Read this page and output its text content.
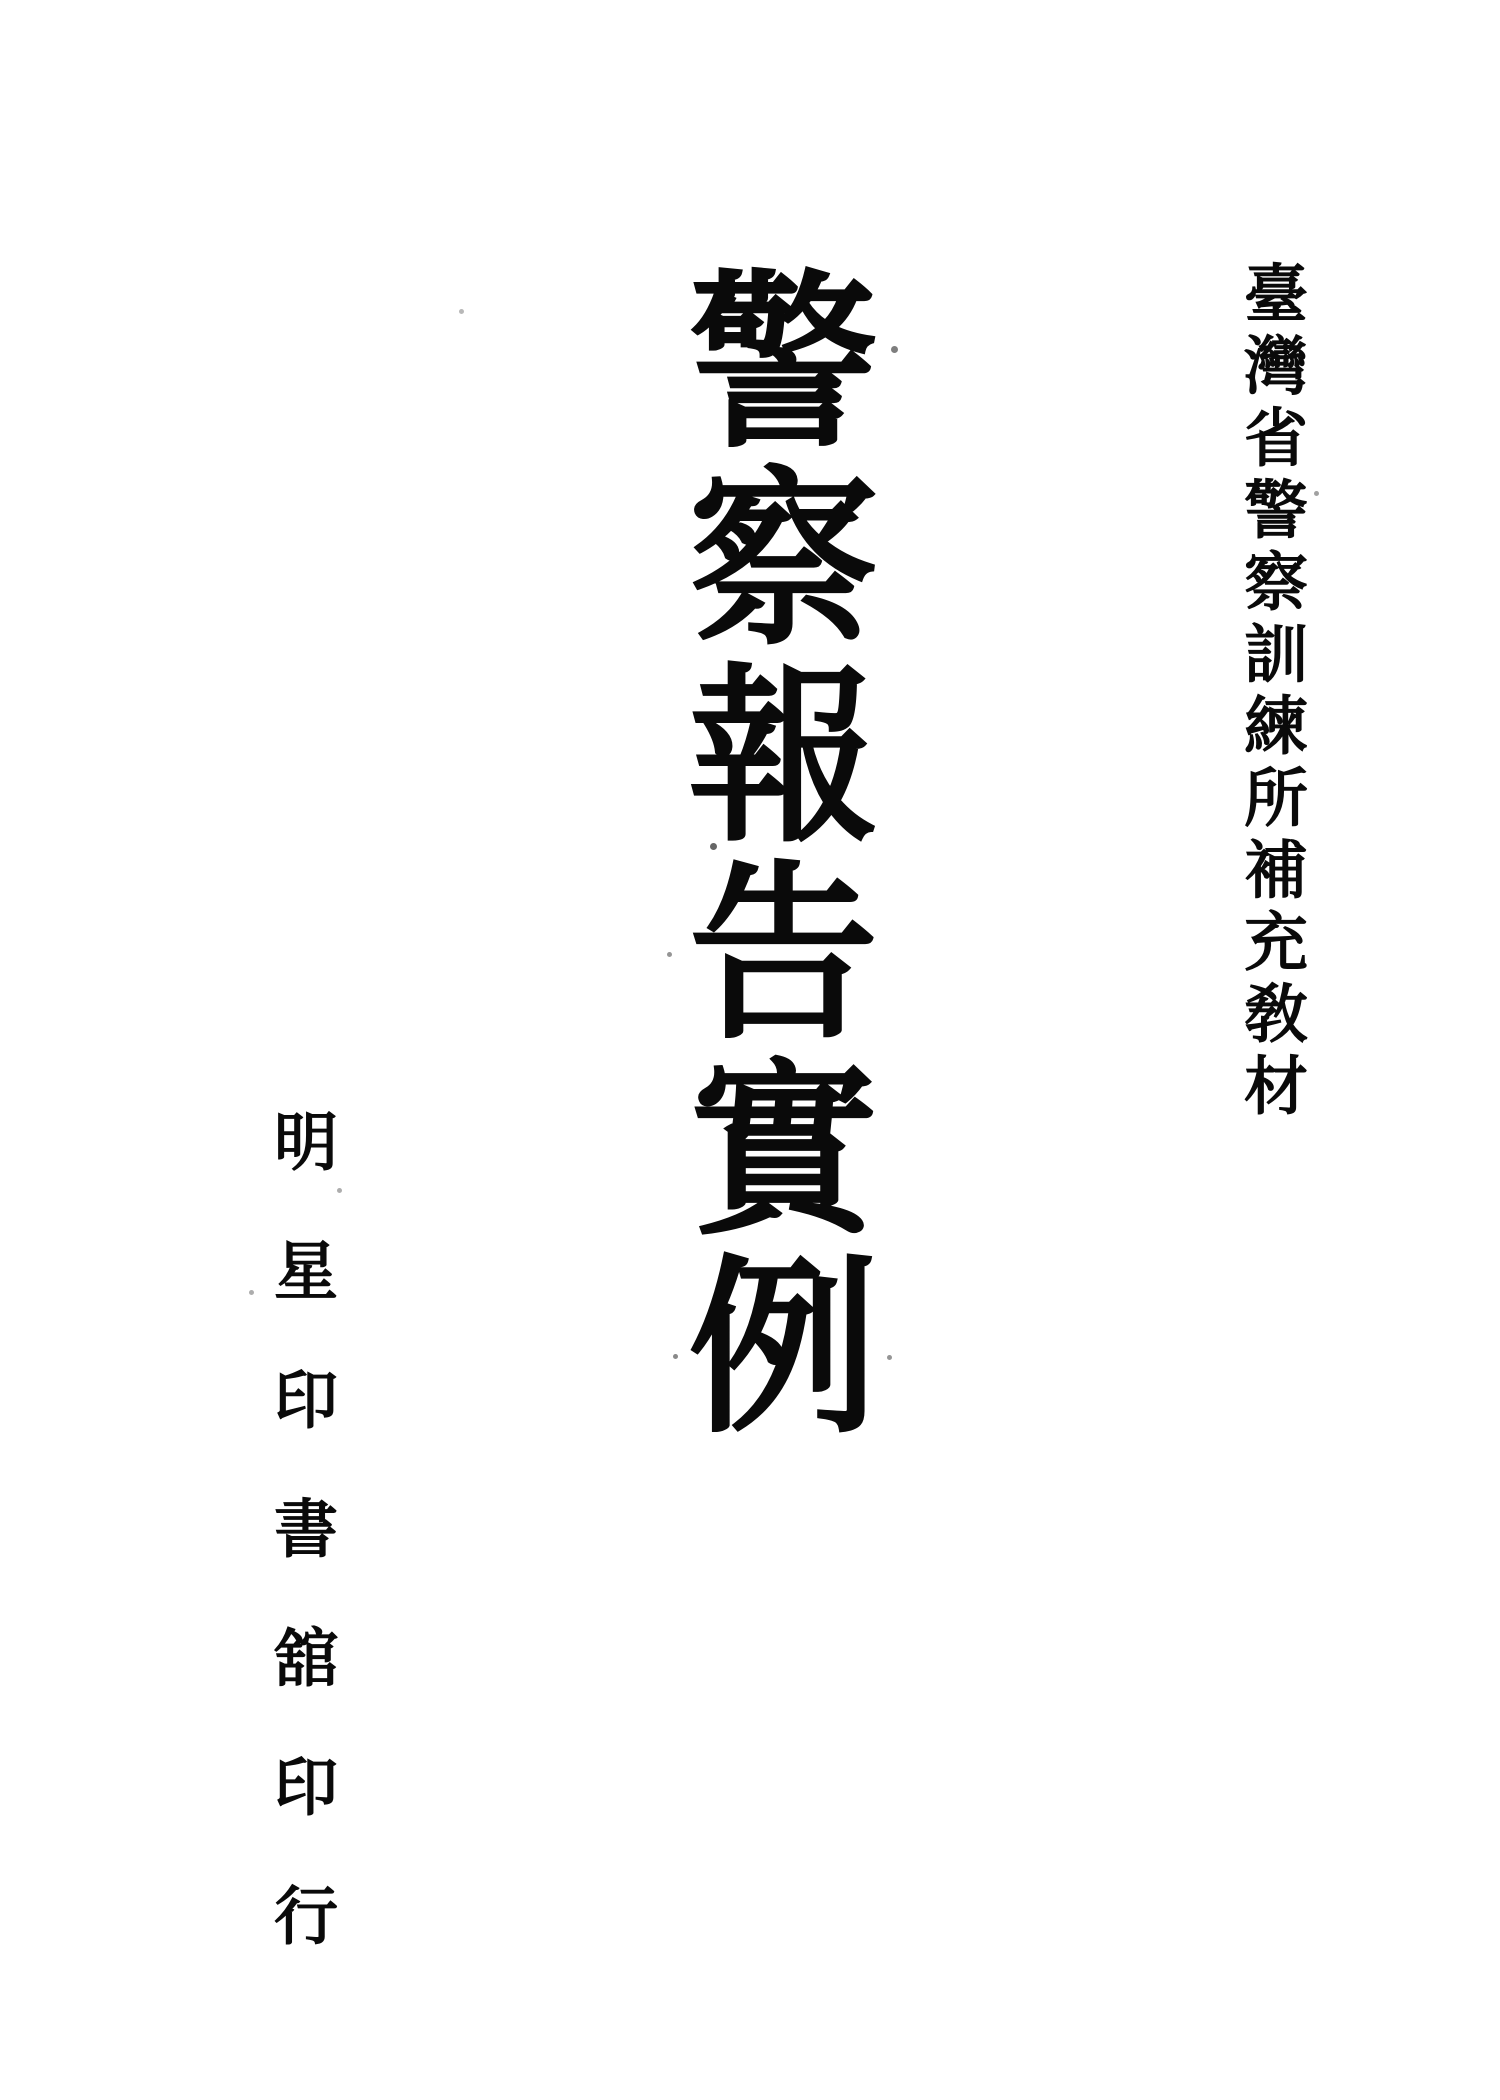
臺灣省警察訓練所補充敎材
警察報告實例
明星印書舘印行
